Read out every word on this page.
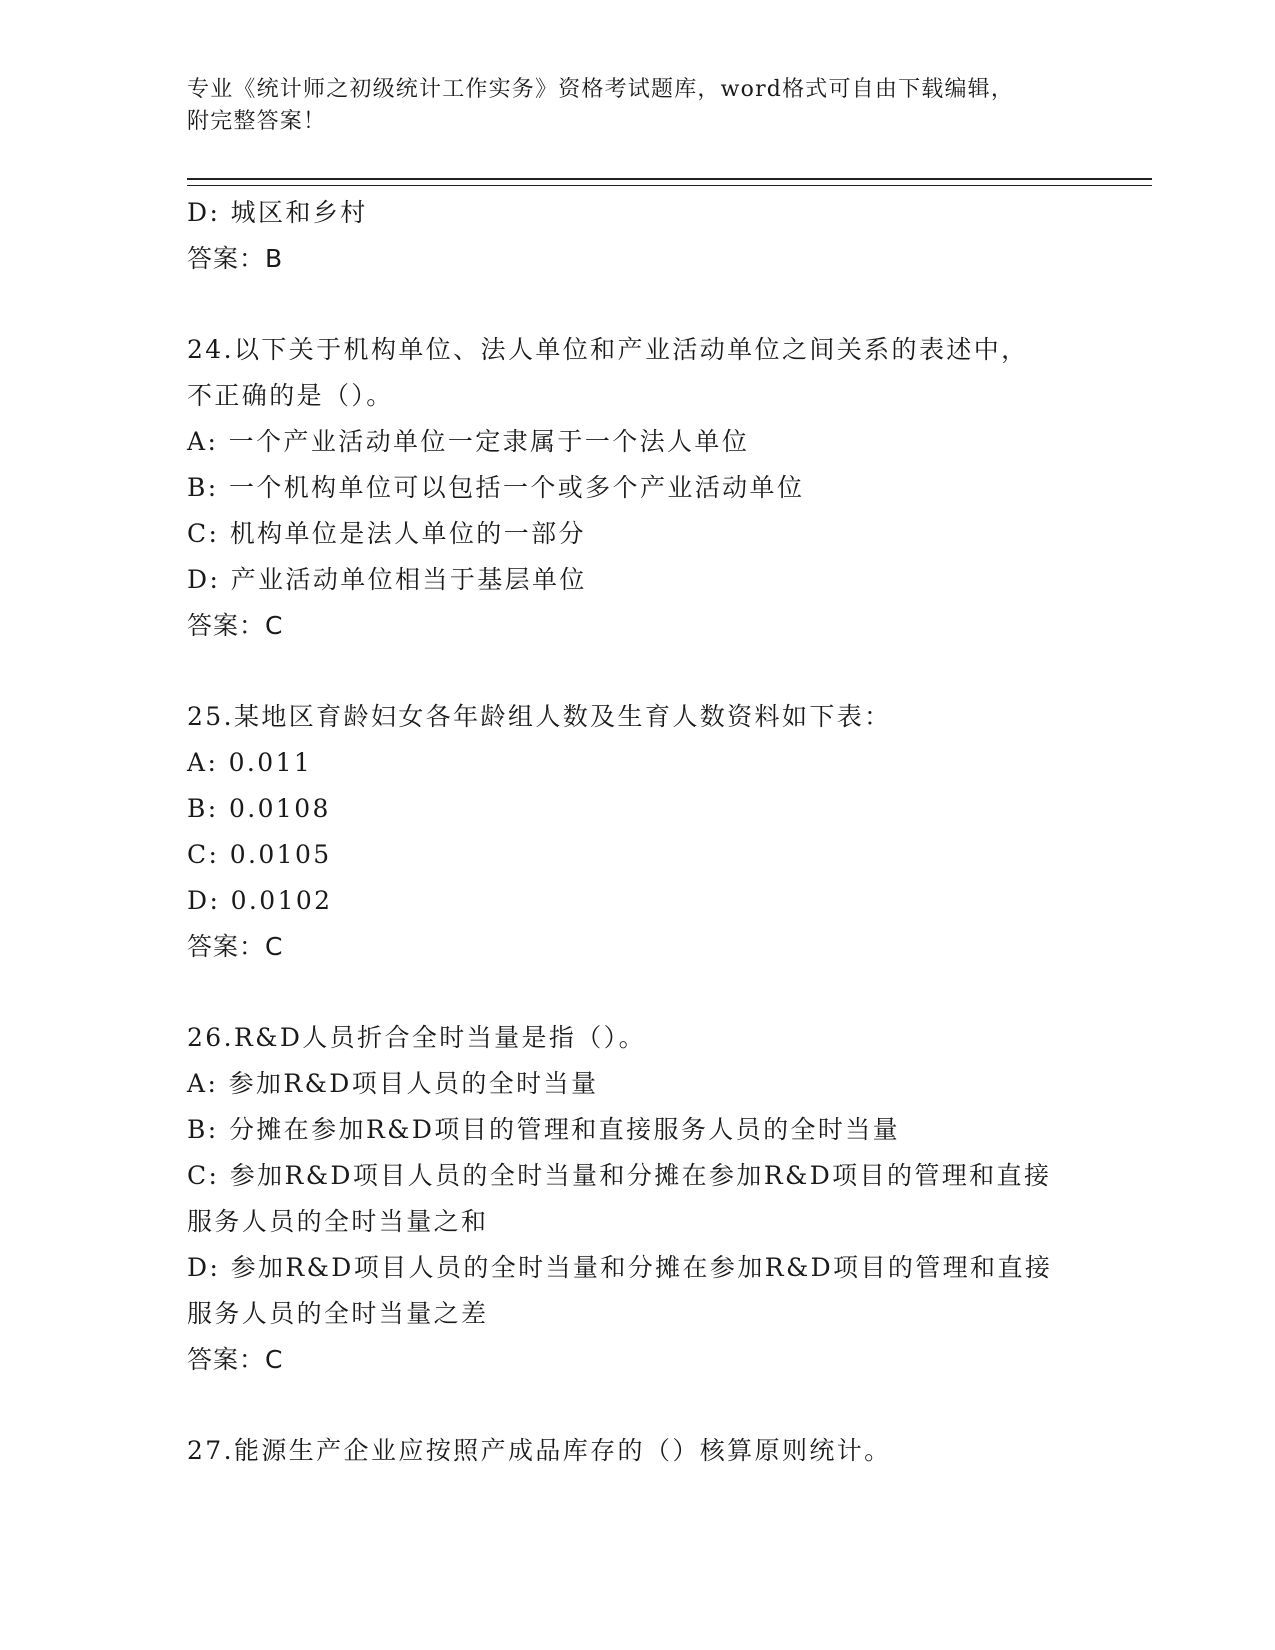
专业《统计师之初级统计工作实务》资格考试题库，word格式可自由下载编辑，
附完整答案！
D: 城区和乡村
答案：B
24.以下关于机构单位、法人单位和产业活动单位之间关系的表述中，
不正确的是（）。
A: 一个产业活动单位一定隶属于一个法人单位
B: 一个机构单位可以包括一个或多个产业活动单位
C: 机构单位是法人单位的一部分
D: 产业活动单位相当于基层单位
答案：C
25.某地区育龄妇女各年龄组人数及生育人数资料如下表：
A: 0.011
B: 0.0108
C: 0.0105
D: 0.0102
答案：C
26.R&D人员折合全时当量是指（）。
A: 参加R&D项目人员的全时当量
B: 分摊在参加R&D项目的管理和直接服务人员的全时当量
C: 参加R&D项目人员的全时当量和分摊在参加R&D项目的管理和直接
服务人员的全时当量之和
D: 参加R&D项目人员的全时当量和分摊在参加R&D项目的管理和直接
服务人员的全时当量之差
答案：C
27.能源生产企业应按照产成品库存的（）核算原则统计。
